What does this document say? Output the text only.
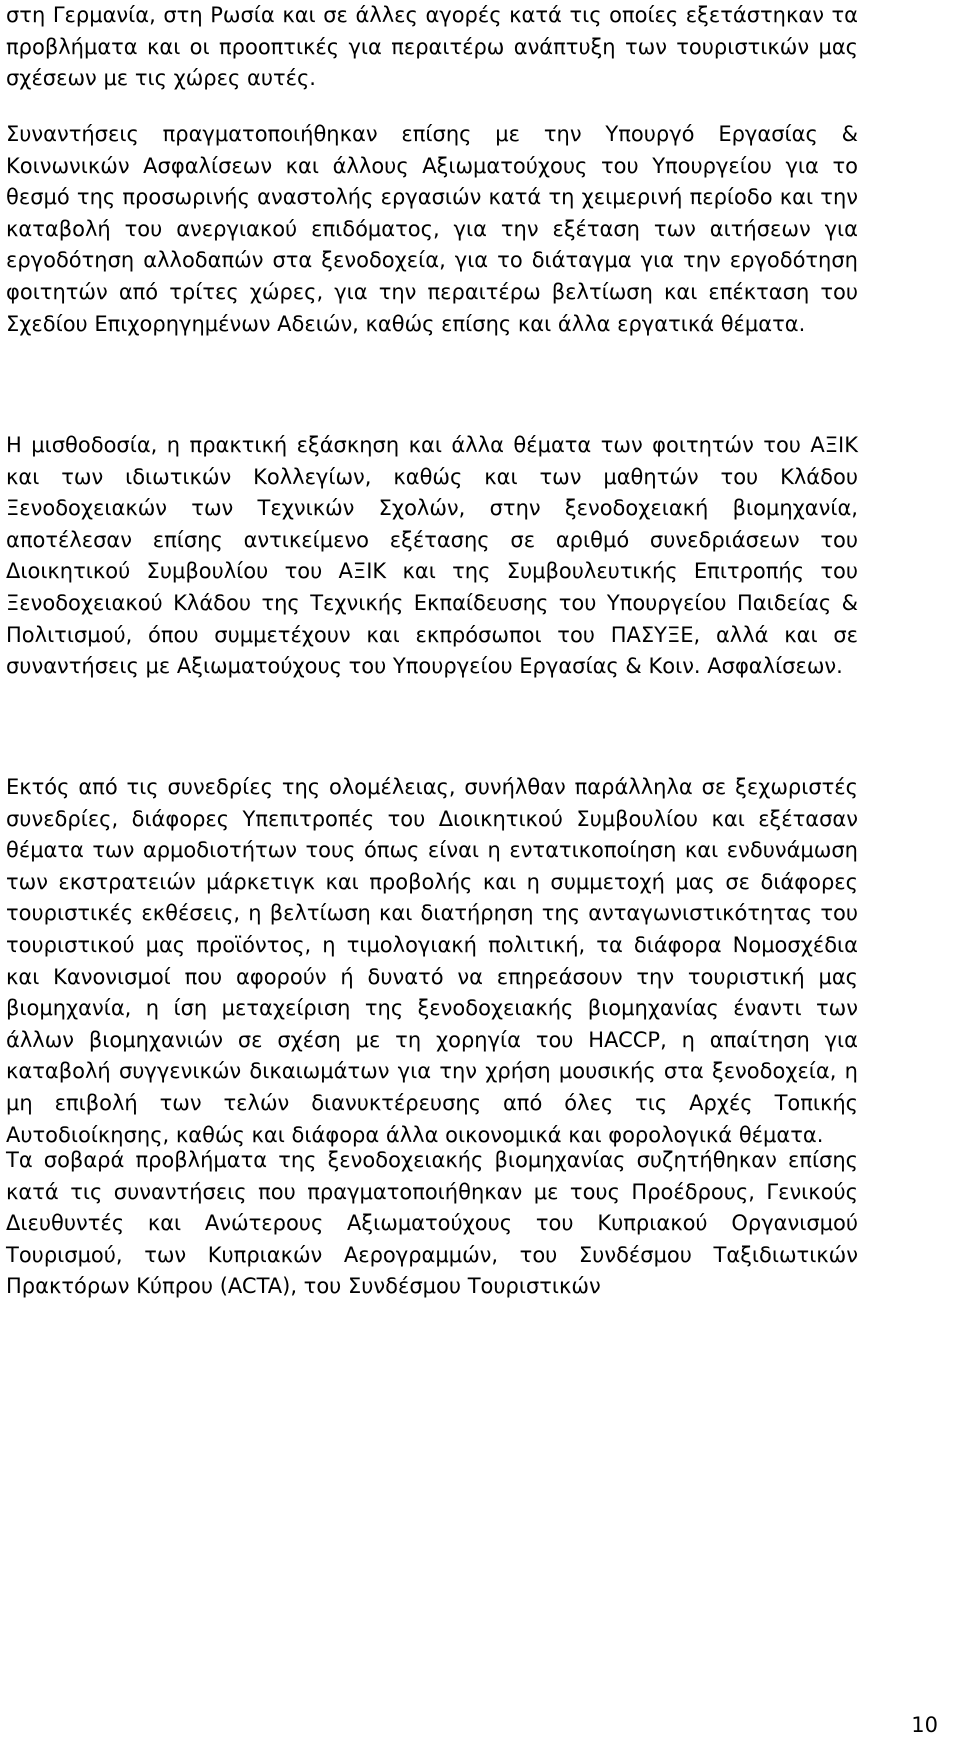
στη Γερμανία, στη Ρωσία και σε άλλες αγορές κατά τις οποίες εξετάστηκαν τα προβλήματα και οι προοπτικές για περαιτέρω ανάπτυξη των τουριστικών μας σχέσεων με τις χώρες αυτές.

Συναντήσεις πραγματοποιήθηκαν επίσης με την Υπουργό Εργασίας & Κοινωνικών Ασφαλίσεων και άλλους Αξιωματούχους του Υπουργείου για το θεσμό της προσωρινής αναστολής εργασιών κατά τη χειμερινή περίοδο και την καταβολή του ανεργιακού επιδόματος, για την εξέταση των αιτήσεων για εργοδότηση αλλοδαπών στα ξενοδοχεία, για το διάταγμα για την εργοδότηση φοιτητών από τρίτες χώρες, για την περαιτέρω βελτίωση και επέκταση του Σχεδίου Επιχορηγημένων Αδειών, καθώς επίσης και άλλα εργατικά θέματα.

Η μισθοδοσία, η πρακτική εξάσκηση και άλλα θέματα των φοιτητών του ΑΞΙΚ και των ιδιωτικών Κολλεγίων, καθώς και των μαθητών του Κλάδου Ξενοδοχειακών των Τεχνικών Σχολών, στην ξενοδοχειακή βιομηχανία, αποτέλεσαν επίσης αντικείμενο εξέτασης σε αριθμό συνεδριάσεων του Διοικητικού Συμβουλίου του ΑΞΙΚ και της Συμβουλευτικής Επιτροπής του Ξενοδοχειακού Κλάδου της Τεχνικής Εκπαίδευσης του Υπουργείου Παιδείας & Πολιτισμού, όπου συμμετέχουν και εκπρόσωποι του ΠΑΣΥΞΕ, αλλά και σε συναντήσεις με Αξιωματούχους του Υπουργείου Εργασίας & Κοιν. Ασφαλίσεων.

Εκτός από τις συνεδρίες της ολομέλειας, συνήλθαν παράλληλα σε ξεχωριστές συνεδρίες, διάφορες Υπεπιτροπές του Διοικητικού Συμβουλίου και εξέτασαν θέματα των αρμοδιοτήτων τους όπως είναι η εντατικοποίηση και ενδυνάμωση των εκστρατειών μάρκετιγκ και προβολής και η συμμετοχή μας σε διάφορες τουριστικές εκθέσεις, η βελτίωση και διατήρηση της ανταγωνιστικότητας του τουριστικού μας προϊόντος, η τιμολογιακή πολιτική, τα διάφορα Νομοσχέδια και Κανονισμοί που αφορούν ή δυνατό να επηρεάσουν την τουριστική μας βιομηχανία, η ίση μεταχείριση της ξενοδοχειακής βιομηχανίας έναντι των άλλων βιομηχανιών σε σχέση με τη χορηγία του HACCP, η απαίτηση για καταβολή συγγενικών δικαιωμάτων για την χρήση μουσικής στα ξενοδοχεία, η μη επιβολή των τελών διανυκτέρευσης από όλες τις Αρχές Τοπικής Αυτοδιοίκησης, καθώς και διάφορα άλλα οικονομικά και φορολογικά θέματα.

Τα σοβαρά προβλήματα της ξενοδοχειακής βιομηχανίας συζητήθηκαν επίσης κατά τις συναντήσεις που πραγματοποιήθηκαν με τους Προέδρους, Γενικούς Διευθυντές και Ανώτερους Αξιωματούχους του Κυπριακού Οργανισμού Τουρισμού, των Κυπριακών Αερογραμμών, του Συνδέσμου Ταξιδιωτικών Πρακτόρων Κύπρου (ACTA), του Συνδέσμου Τουριστικών

10
